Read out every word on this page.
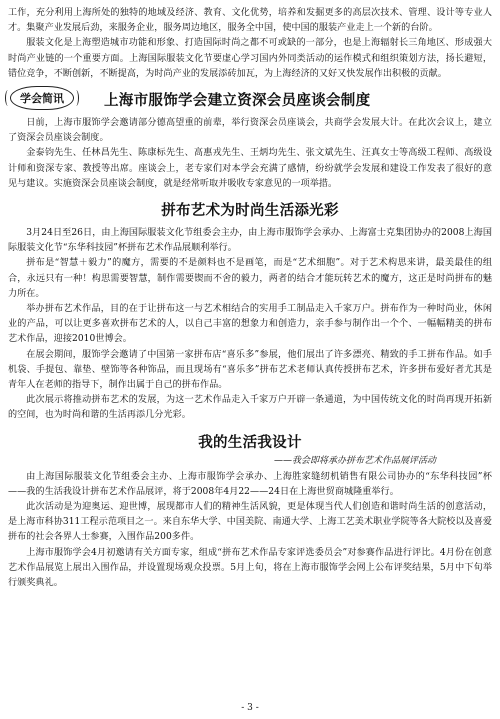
工作，充分利用上海所处的独特的地域及经济、教育、文化优势，培养和发掘更多的高层次技术、管理、设计等专业人才。集聚产业发展后劲，来服务企业，服务周边地区，服务全中国，使中国的服装产业走上一个新的台阶。

服装文化是上海塑造城市功能和形象、打造国际时尚之都不可或缺的一部分，也是上海辐射长三角地区、形成强大时尚产业链的一个重要方面。上海国际服装文化节要虚心学习国内外同类活动的运作模式和组织策划方法，扬长避短，错位竞争，不断创新，不断提高，为时尚产业的发展添砖加瓦，为上海经济的又好又快发展作出积极的贡献。

学会简讯	上海市服饰学会建立资深会员座谈会制度

日前，上海市服饰学会邀请部分德高望重的前辈，举行资深会员座谈会，共商学会发展大计。在此次会议上，建立了资深会员座谈会制度。

金泰钧先生、任林昌先生、陈康标先生、高惠戎先生、王炳均先生、张文斌先生、汪真女士等高级工程师、高级设计师和资深专家、教授等出席。座谈会上，老专家们对本学会充满了感情，纷纷就学会发展和建设工作发表了很好的意见与建议。实施资深会员座谈会制度，就是经常听取并吸收专家意见的一项举措。

拼布艺术为时尚生活添光彩

3月24日至26日，由上海国际服装文化节组委会主办，由上海市服饰学会承办、上海富士克集团协办的2008上海国际服装文化节“东华科技园”杯拼布艺术作品展顺利举行。

拼布是“智慧＋毅力”的魔方，需要的不是颜料也不是画笔，而是“艺术细胞”。对于艺术构思来讲，最美最佳的组合，永远只有一种！构思需要智慧，制作需要锲而不舍的毅力，两者的结合才能玩转艺术的魔方，这正是时尚拼布的魅力所在。

举办拼布艺术作品，目的在于让拼布这一与艺术相结合的实用手工制品走入千家万户。拼布作为一种时尚业，休闲业的产品，可以让更多喜欢拼布艺术的人，以自己丰富的想象力和创造力，亲手参与制作出一个个、一幅幅精美的拼布艺术作品，迎接2010世博会。

在展会期间，服饰学会邀请了中国第一家拼布店“喜乐多”参展，他们展出了许多漂亮、精致的手工拼布作品。如手机袋、手提包、靠垫、壁饰等各种饰品，而且现场有“喜乐多”拼布艺术老师认真传授拼布艺术，许多拼布爱好者尤其是青年人在老师的指导下，制作出属于自己的拼布作品。

此次展示将推动拼布艺术的发展，为这一艺术作品走入千家万户开辟一条通道，为中国传统文化的时尚再现开拓新的空间，也为时尚和谐的生活再添几分光彩。

我的生活我设计
——我会即将承办拼布艺术作品展评活动

由上海国际服装文化节组委会主办、上海市服饰学会承办、上海胜家缝纫机销售有限公司协办的“东华科技园”杯——我的生活我设计拼布艺术作品展评，将于2008年4月22——24日在上海世贸商城隆重举行。

此次活动是为迎奥运、迎世博，展现都市人们的精神生活风貌，更是体现当代人们创造和谐时尚生活的创意活动，是上海市科协311工程示范项目之一。来自东华大学、中国美院、南通大学、上海工艺美术职业学院等各大院校以及喜爱拼布的社会各界人士参赛，入围作品200多件。

上海市服饰学会4月初邀请有关方面专家，组成“拼布艺术作品专家评选委员会”对参赛作品进行评比。4月份在创意艺术作品展览上展出入围作品，并设置现场观众投票。5月上旬，将在上海市服饰学会网上公布评奖结果，5月中下旬举行颁奖典礼。

- 3 -
